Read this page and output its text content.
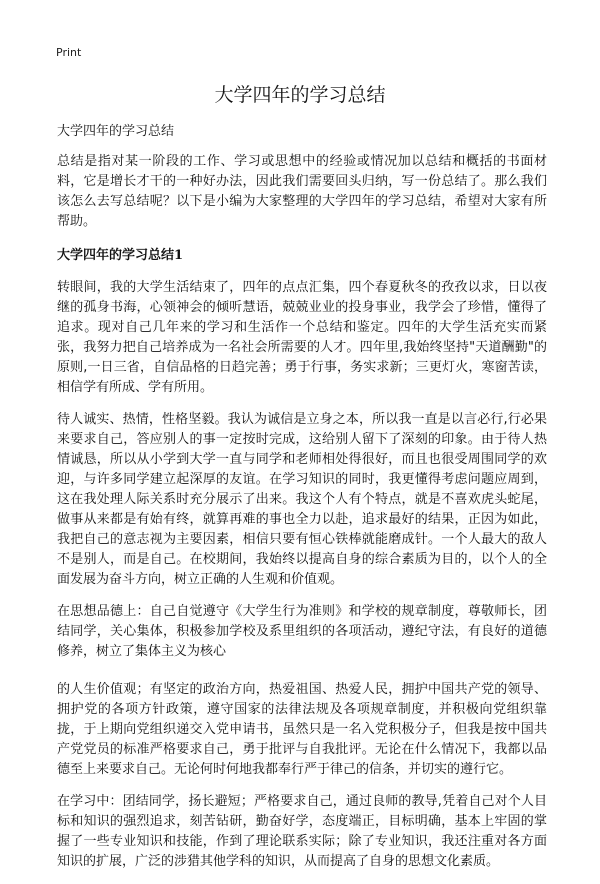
Print
大学四年的学习总结

大学四年的学习总结

总结是指对某一阶段的工作、学习或思想中的经验或情况加以总结和概括的书面材料，它是增长才干的一种好办法，因此我们需要回头归纳，写一份总结了。那么我们该怎么去写总结呢？以下是小编为大家整理的大学四年的学习总结，希望对大家有所帮助。

大学四年的学习总结1

转眼间，我的大学生活结束了，四年的点点汇集，四个春夏秋冬的孜孜以求，日以夜继的孤身书海，心领神会的倾听慧语，兢兢业业的投身事业，我学会了珍惜，懂得了追求。现对自己几年来的学习和生活作一个总结和鉴定。四年的大学生活充实而紧张，我努力把自己培养成为一名社会所需要的人才。四年里,我始终坚持"天道酬勤"的原则,一日三省，自信品格的日趋完善；勇于行事，务实求新；三更灯火，寒窗苦读，相信学有所成、学有所用。

待人诚实、热情，性格坚毅。我认为诚信是立身之本，所以我一直是以言必行,行必果来要求自己，答应别人的事一定按时完成，这给别人留下了深刻的印象。由于待人热情诚恳，所以从小学到大学一直与同学和老师相处得很好，而且也很受周围同学的欢迎，与许多同学建立起深厚的友谊。在学习知识的同时，我更懂得考虑问题应周到，这在我处理人际关系时充分展示了出来。我这个人有个特点，就是不喜欢虎头蛇尾，做事从来都是有始有终，就算再难的事也全力以赴，追求最好的结果，正因为如此，我把自己的意志视为主要因素，相信只要有恒心铁棒就能磨成针。一个人最大的敌人不是别人，而是自己。在校期间，我始终以提高自身的综合素质为目的，以个人的全面发展为奋斗方向，树立正确的人生观和价值观。

在思想品德上：自己自觉遵守《大学生行为准则》和学校的规章制度，尊敬师长，团结同学，关心集体，积极参加学校及系里组织的各项活动，遵纪守法，有良好的道德修养，树立了集体主义为核心

的人生价值观；有坚定的政治方向，热爱祖国、热爱人民，拥护中国共产党的领导、拥护党的各项方针政策，遵守国家的法律法规及各项规章制度，并积极向党组织靠拢，于上期向党组织递交入党申请书，虽然只是一名入党积极分子，但我是按中国共产党党员的标准严格要求自己，勇于批评与自我批评。无论在什么情况下，我都以品德至上来要求自己。无论何时何地我都奉行严于律己的信条，并切实的遵行它。

在学习中：团结同学，扬长避短；严格要求自己，通过良师的教导,凭着自己对个人目标和知识的强烈追求，刻苦钻研，勤奋好学，态度端正，目标明确，基本上牢固的掌握了一些专业知识和技能，作到了理论联系实际；除了专业知识，我还注重对各方面知识的扩展，广泛的涉猎其他学科的知识，从而提高了自身的思想文化素质。
